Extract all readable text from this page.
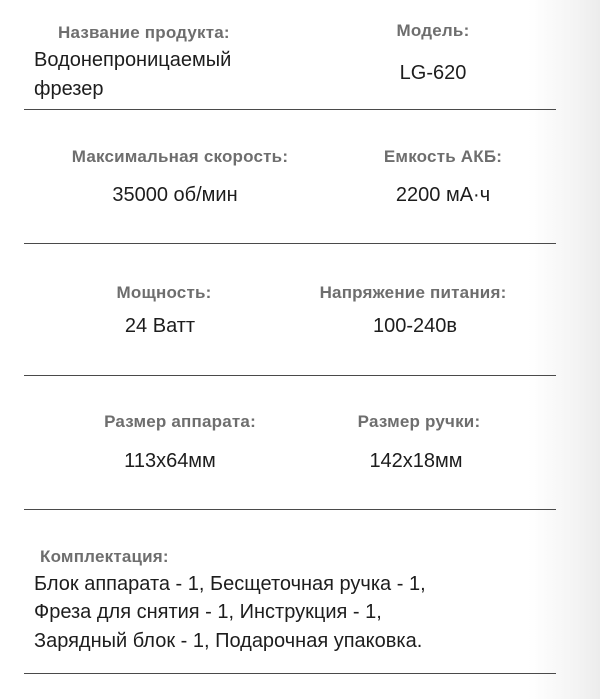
Название продукта:
Водонепроницаемый
фрезер
Модель:
LG-620
Максимальная скорость:
35000 об/мин
Емкость АКБ:
2200 мА·ч
Мощность:
24 Ватт
Напряжение питания:
100-240в
Размер аппарата:
113х64мм
Размер ручки:
142х18мм
Комплектация:
Блок аппарата - 1, Бесщеточная ручка - 1,
Фреза для снятия - 1, Инструкция - 1,
Зарядный блок - 1, Подарочная упаковка.
